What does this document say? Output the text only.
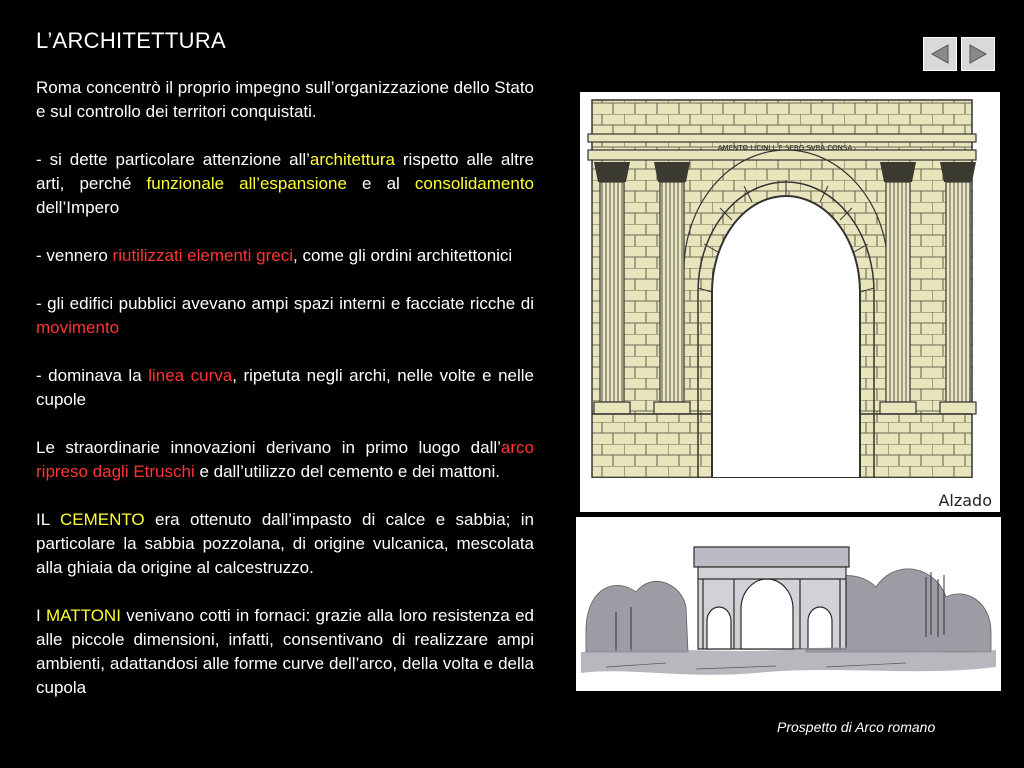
L’ARCHITETTURA

Roma concentrò il proprio impegno sull’organizzazione dello Stato e sul controllo dei territori conquistati.

- si dette particolare attenzione all’architettura rispetto alle altre arti, perché funzionale all’espansione e al consolidamento dell’Impero

- vennero riutilizzati elementi greci, come gli ordini architettonici

- gli edifici pubblici avevano ampi spazi interni e facciate ricche di movimento

- dominava la linea curva, ripetuta negli archi, nelle volte e nelle cupole

Le straordinarie innovazioni derivano in primo luogo dall’arco ripreso dagli Etruschi e dall’utilizzo del cemento e dei mattoni.

IL CEMENTO era ottenuto dall’impasto di calce e sabbia; in particolare la sabbia pozzolana, di origine vulcanica, mescolata alla ghiaia da origine al calcestruzzo.

I MATTONI venivano cotti in fornaci: grazie alla loro resistenza ed alle piccole dimensioni, infatti, consentivano di realizzare ampi ambienti, adattandosi alle forme curve dell’arco, della volta e della cupola

AMENTO LICINI L F SERG SVRA CONSA
Alzado
Prospetto di Arco romano
